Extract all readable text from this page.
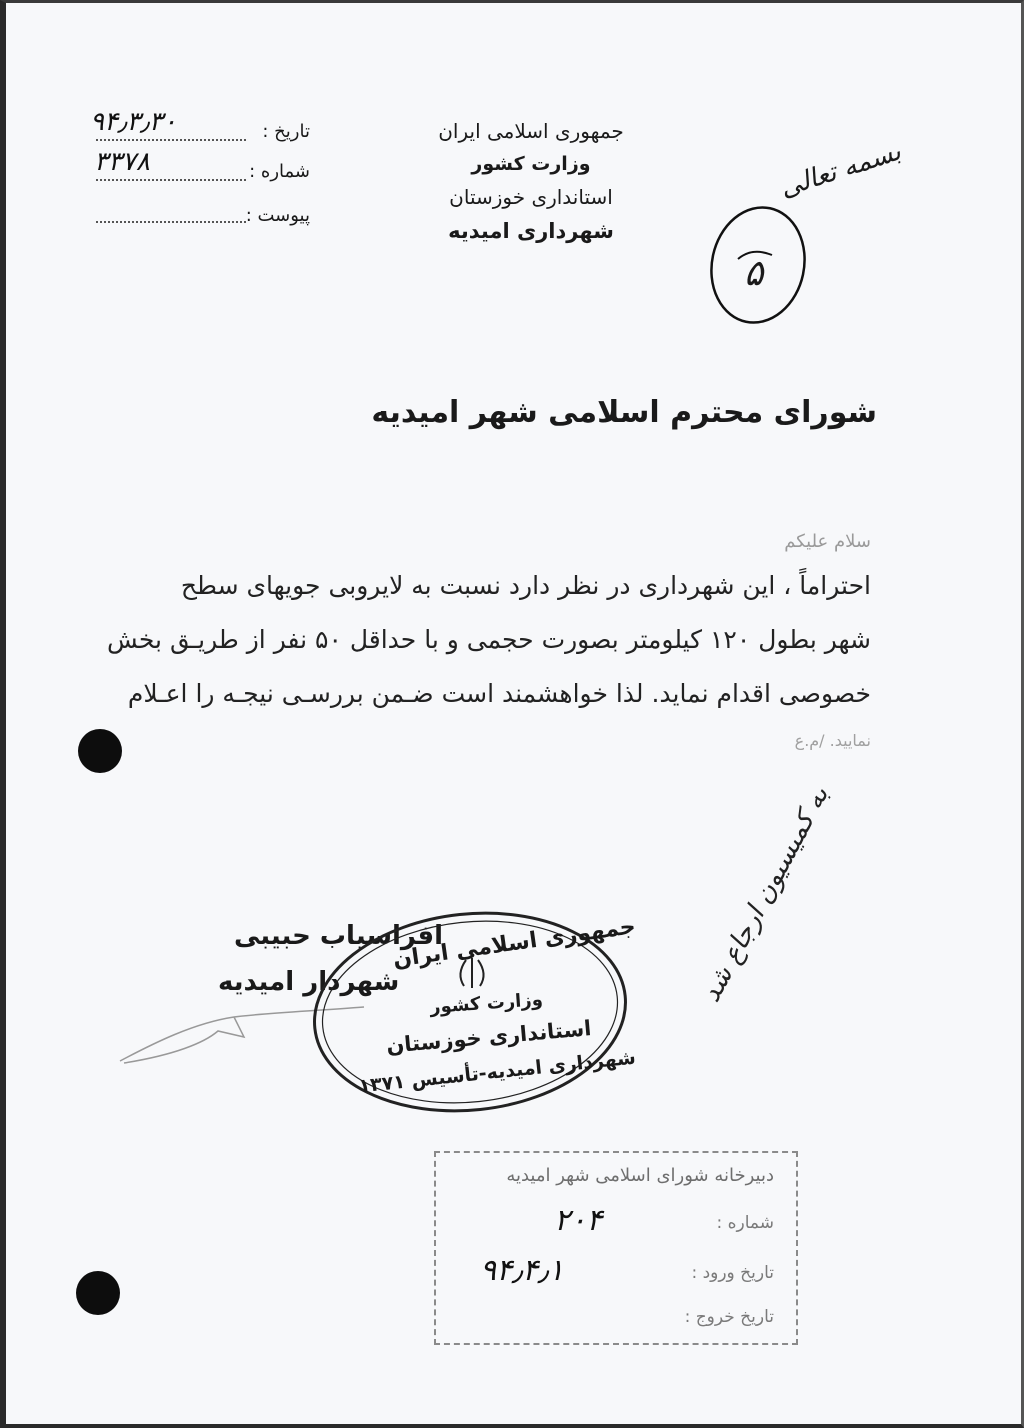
جمهوری اسلامی ایران
وزارت کشور
استانداری خوزستان
شهرداری امیدیه
تاریخ :
۹۴٫۳٫۳۰
شماره :
۳۳۷۸
پیوست :
بسمه تعالی
۵
شورای محترم اسلامی شهر امیدیه
سلام علیکم
احتراماً ، این شهرداری در نظر دارد نسبت به لایروبی جویهای سطح
شهر بطول ۱۲۰ کیلومتر بصورت حجمی و با حداقل ۵۰ نفر از طریـق بخش
خصوصی اقدام نماید. لذا خواهشمند است ضـمن بررسـی نیجـه را اعـلام
نمایید. /م.ع
افراسیاب حبیبی
شهردار امیدیه
جمهوری اسلامی ایران
وزارت کشور
استانداری خوزستان
شهرداری امیدیه-تأسیس ۱۳۷۱
به کمیسیون ارجاع شد
دبیرخانه شورای اسلامی شهر امیدیه
شماره :
۲۰۴
تاریخ ورود :
۹۴٫۴٫۱
تاریخ خروج :
